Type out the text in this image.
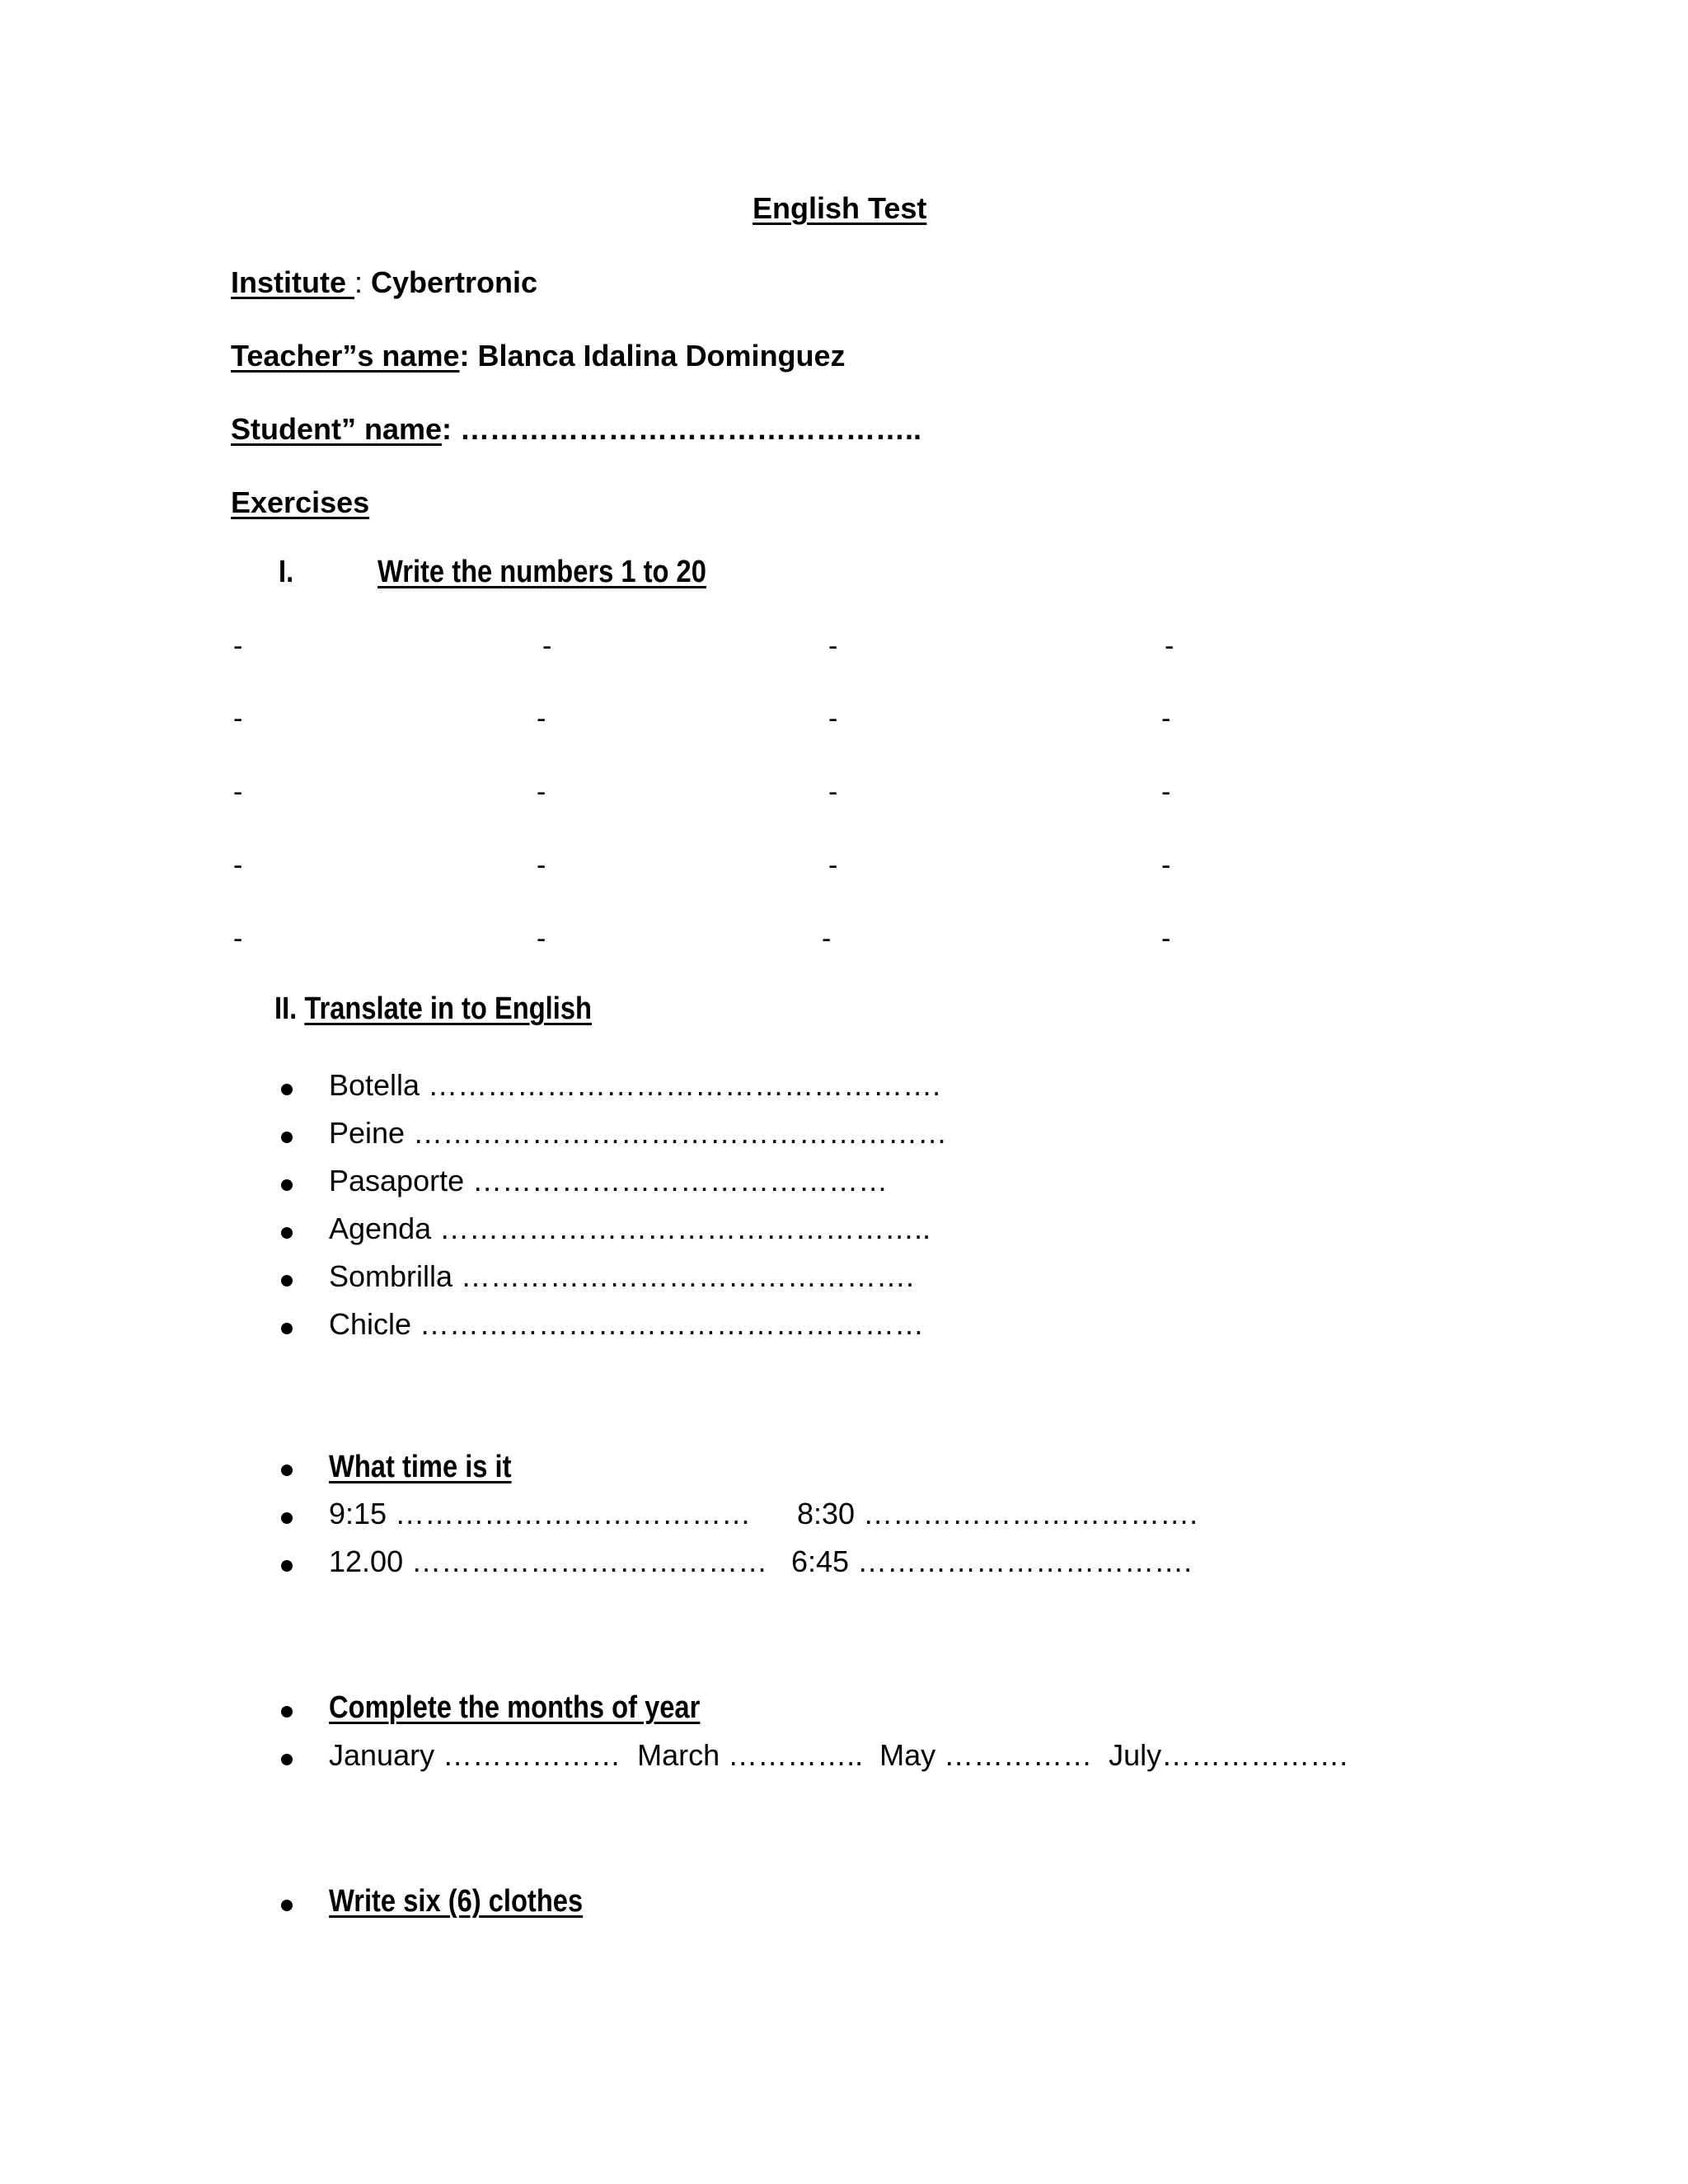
English Test
Institute : Cybertronic
Teacher”s name: Blanca Idalina Dominguez
Student” name: ………………………………………..
Exercises
I.	Write the numbers 1 to 20
-	-	-	-
-	-	-	-
-	-	-	-
-	-	-	-
-	-	-	-
II. Translate in to English
Botella …………………………………………….
Peine ………………………………………………
Pasaporte ……………………………………
Agenda …………………………………………..
Sombrilla ……………………………………….
Chicle ……………………………………………
What time is it
9:15 ……………………………… 8:30 …………………………….
12.00 ……………………………… 6:45 …………………………….
Complete the months of year
January ………………  March …………..  May ……………  July……………….
Write six (6) clothes
